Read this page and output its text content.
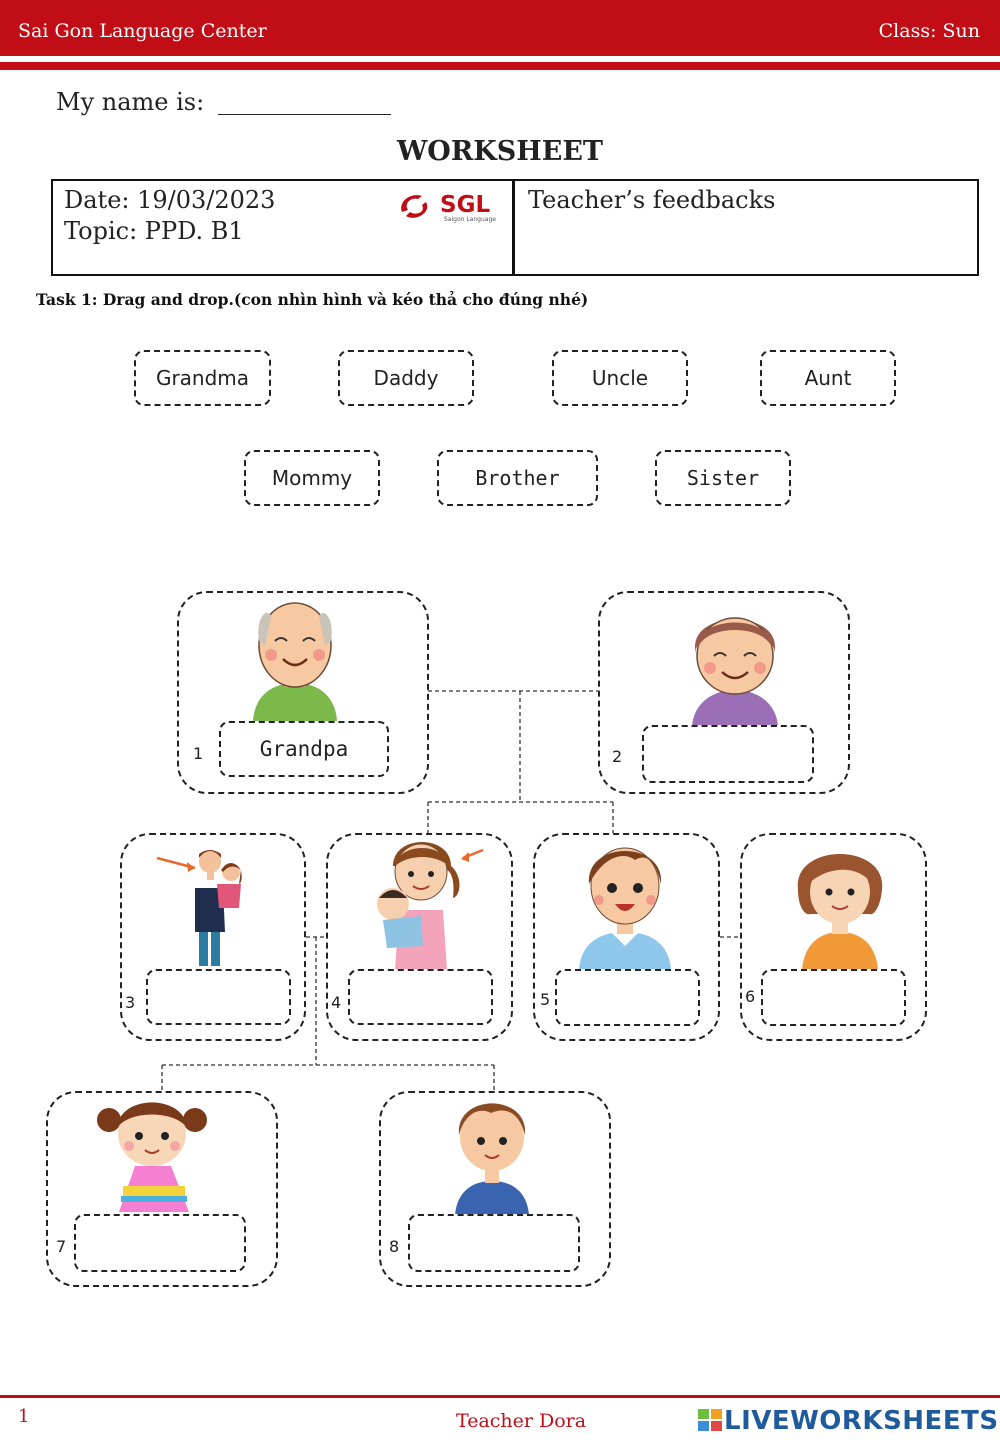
Sai Gon Language Center	Class: Sun
My name is:
WORKSHEET
Date: 19/03/2023
Topic: PPD. B1
SGL
Saigon Language
Teacher’s feedbacks
Task 1: Drag and drop.(con nhìn hình và kéo thả cho đúng nhé)
Grandma	Daddy	Uncle	Aunt
Mommy	Brother	Sister
1	Grandpa	2
3	4	5	6
7	8
1	Teacher Dora	LIVEWORKSHEETS
